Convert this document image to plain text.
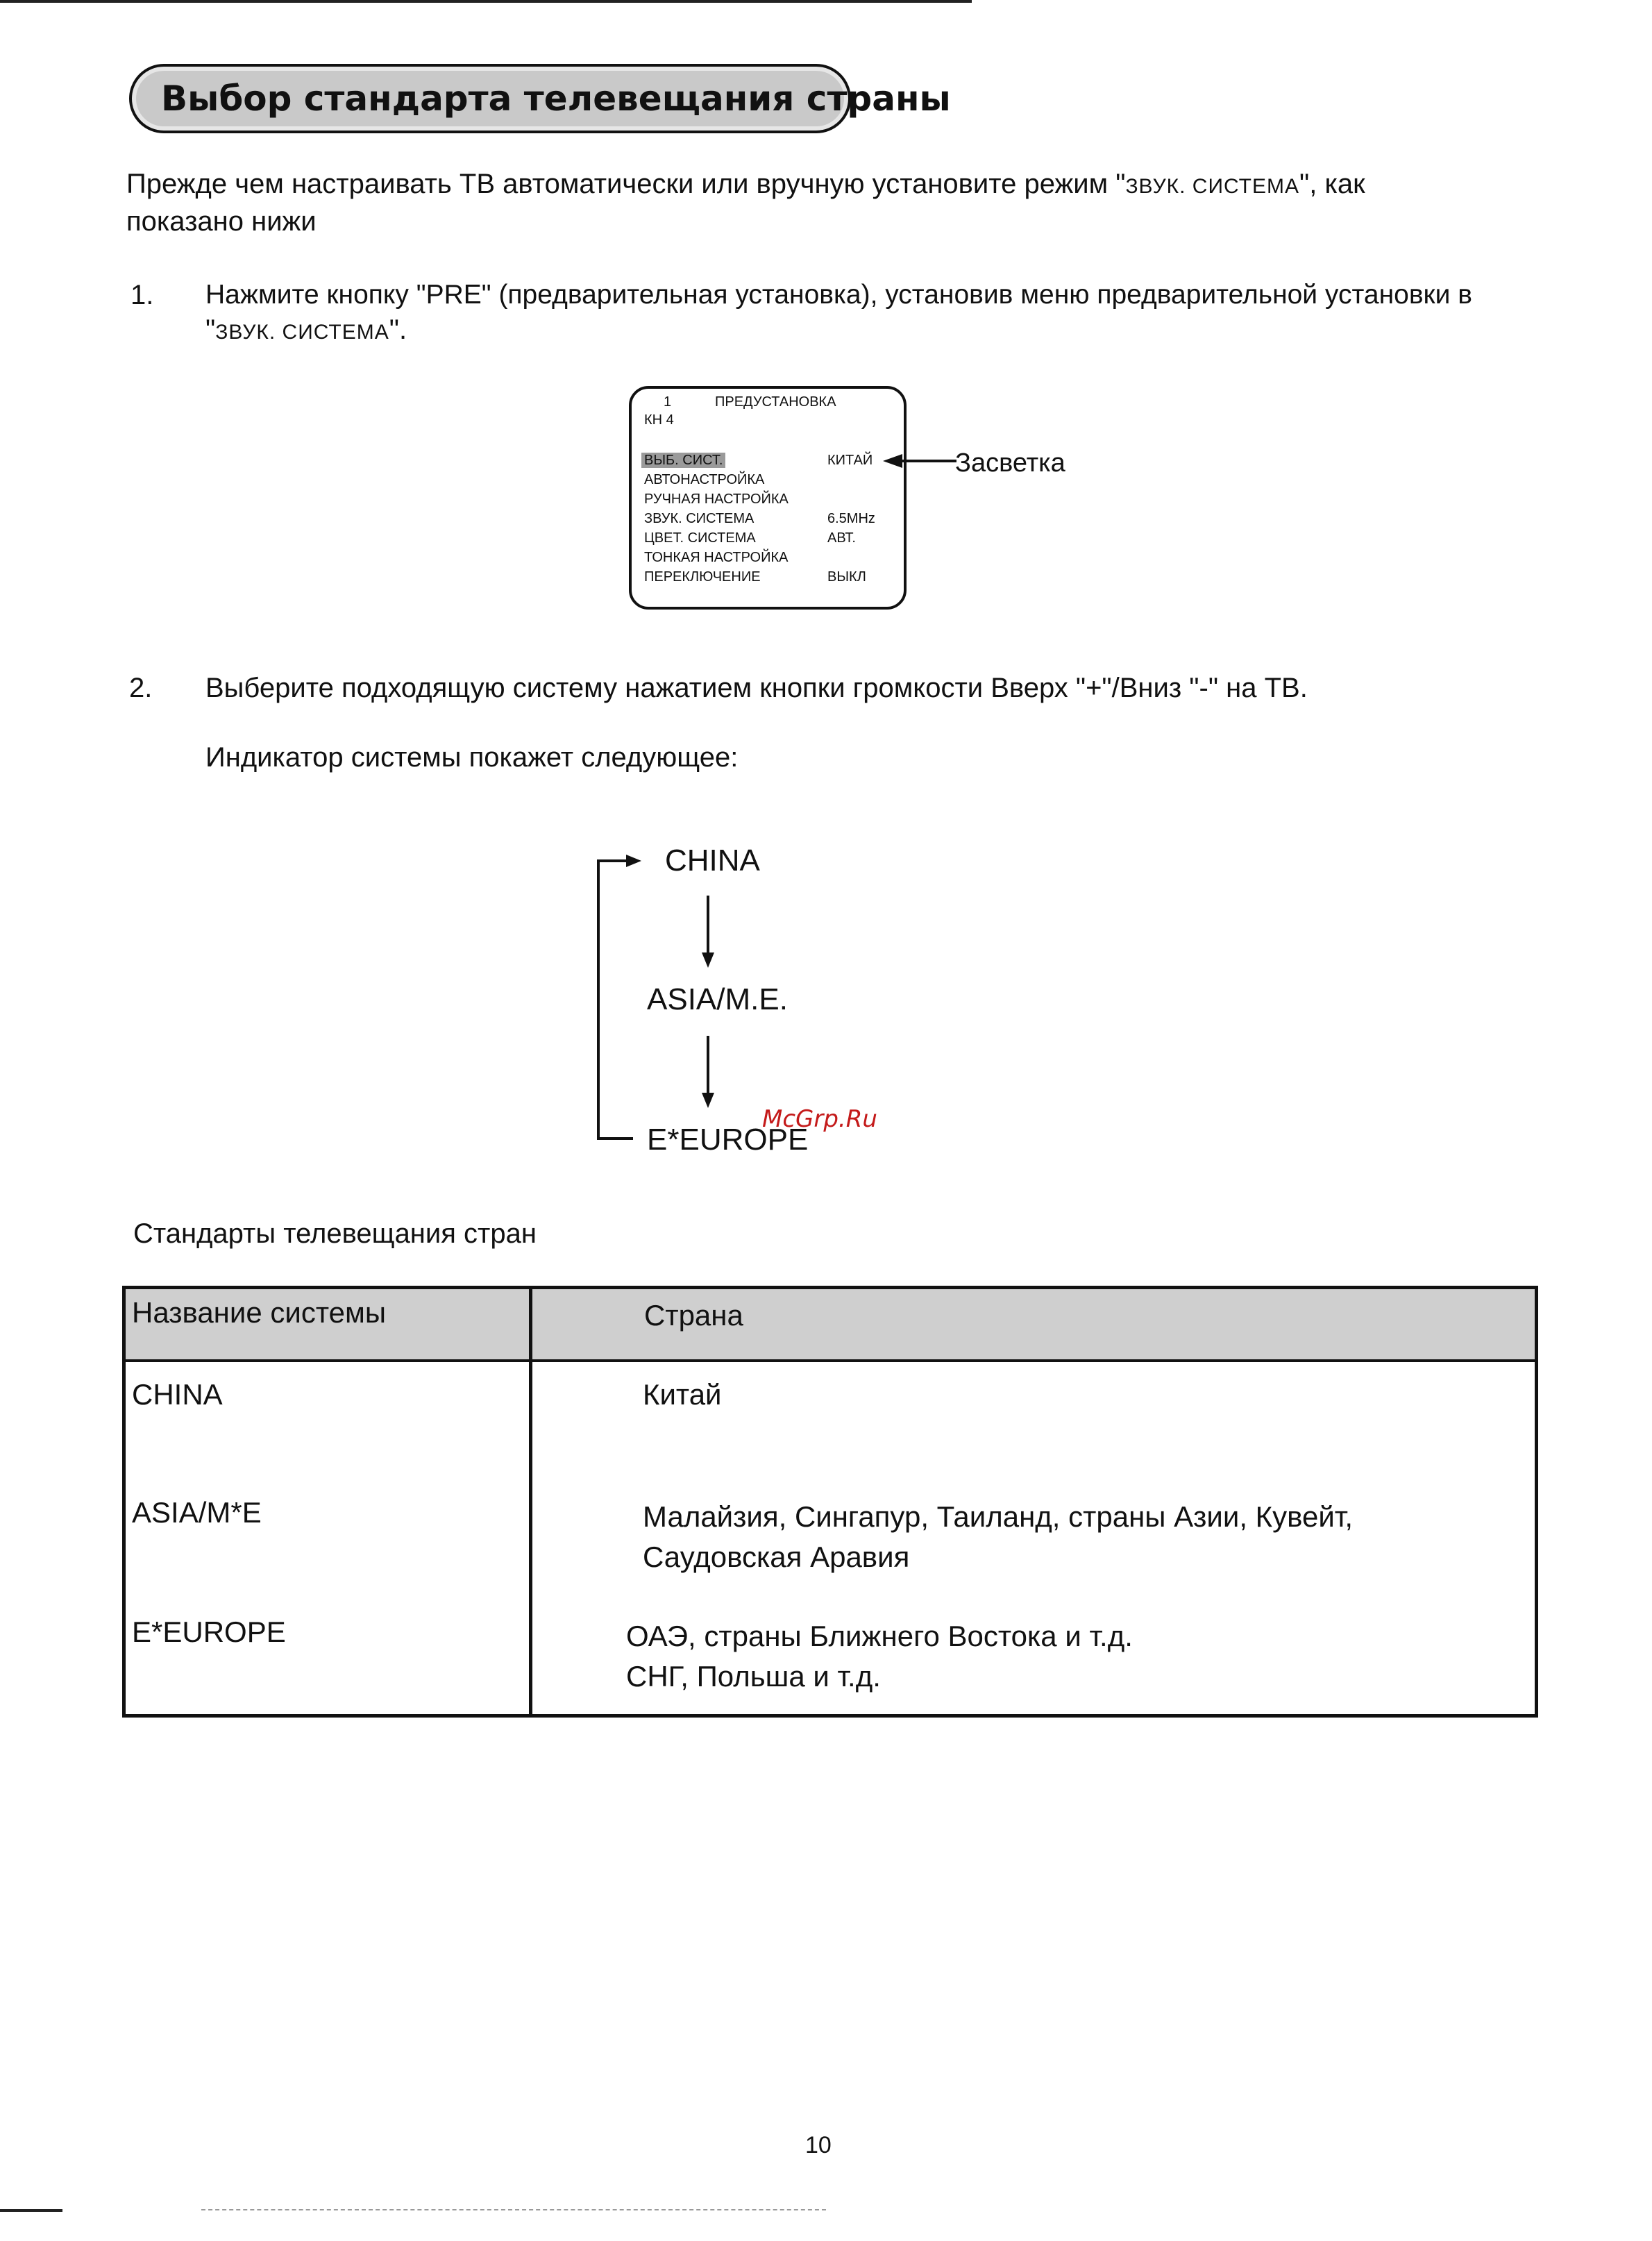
Выбор стандарта телевещания страны
Прежде чем настраивать ТВ автоматически или вручную установите режим "ЗВУК. СИСТЕМА", как
показано нижи
1. Нажмите кнопку "PRE" (предварительная установка), установив меню предварительной установки в
"ЗВУК. СИСТЕМА".
1	ПРЕДУСТАНОВКА
КН 4
ВЫБ. СИСТ.	КИТАЙ
АВТОНАСТРОЙКА
РУЧНАЯ НАСТРОЙКА
ЗВУК. СИСТЕМА	6.5MHz
ЦВЕТ. СИСТЕМА	АВТ.
ТОНКАЯ НАСТРОЙКА
ПЕРЕКЛЮЧЕНИЕ	ВЫКЛ
Засветка
2. Выберите подходящую систему нажатием кнопки громкости Вверх "+"/Вниз "-" на ТВ.
Индикатор системы покажет следующее:
CHINA
ASIA/M.E.
E*EUROPE
McGrp.Ru
Стандарты телевещания стран
Название системы	Страна
CHINA	Китай
ASIA/M*E	Малайзия, Сингапур, Таиланд, страны Азии, Кувейт,
Саудовская Аравия
E*EUROPE	ОАЭ, страны Ближнего Востока и т.д.
СНГ, Польша и т.д.
10
